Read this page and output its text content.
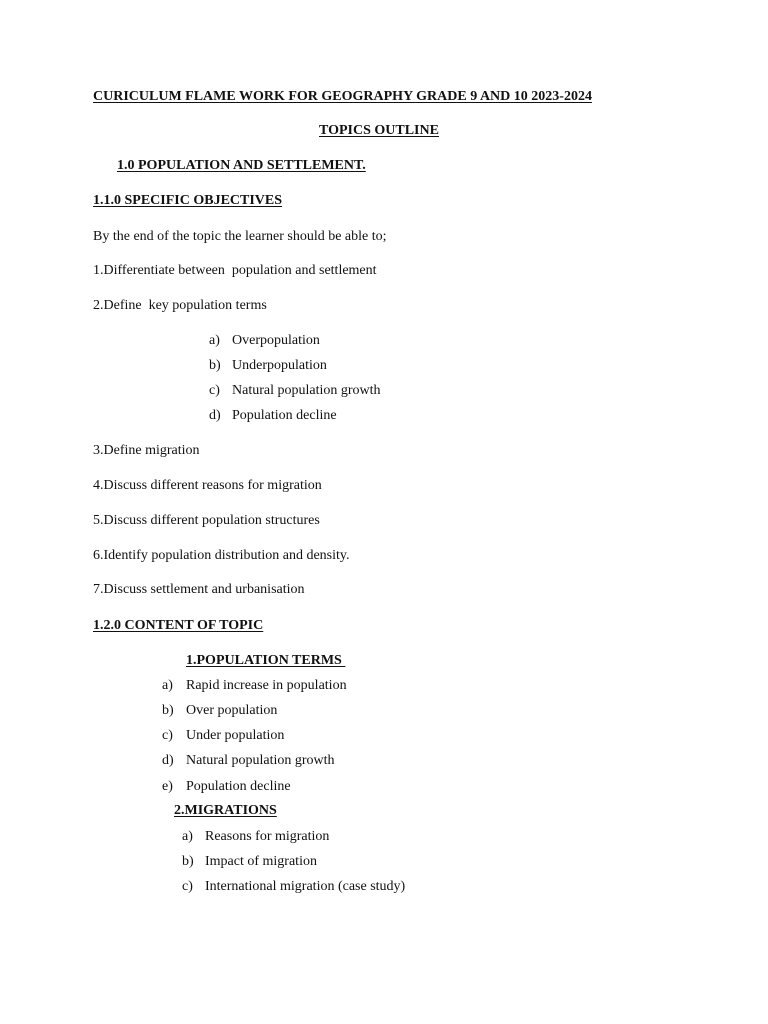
CURICULUM FLAME WORK FOR GEOGRAPHY GRADE 9 AND 10 2023-2024
TOPICS OUTLINE
1.0 POPULATION AND SETTLEMENT.
1.1.0 SPECIFIC OBJECTIVES
By the end of the topic the learner should be able to;
1.Differentiate between  population and settlement
2.Define  key population terms
a) Overpopulation
b) Underpopulation
c) Natural population growth
d) Population decline
3.Define migration
4.Discuss different reasons for migration
5.Discuss different population structures
6.Identify population distribution and density.
7.Discuss settlement and urbanisation
1.2.0 CONTENT OF TOPIC
1.POPULATION TERMS
a) Rapid increase in population
b) Over population
c) Under population
d) Natural population growth
e) Population decline
2.MIGRATIONS
a) Reasons for migration
b) Impact of migration
c) International migration (case study)
